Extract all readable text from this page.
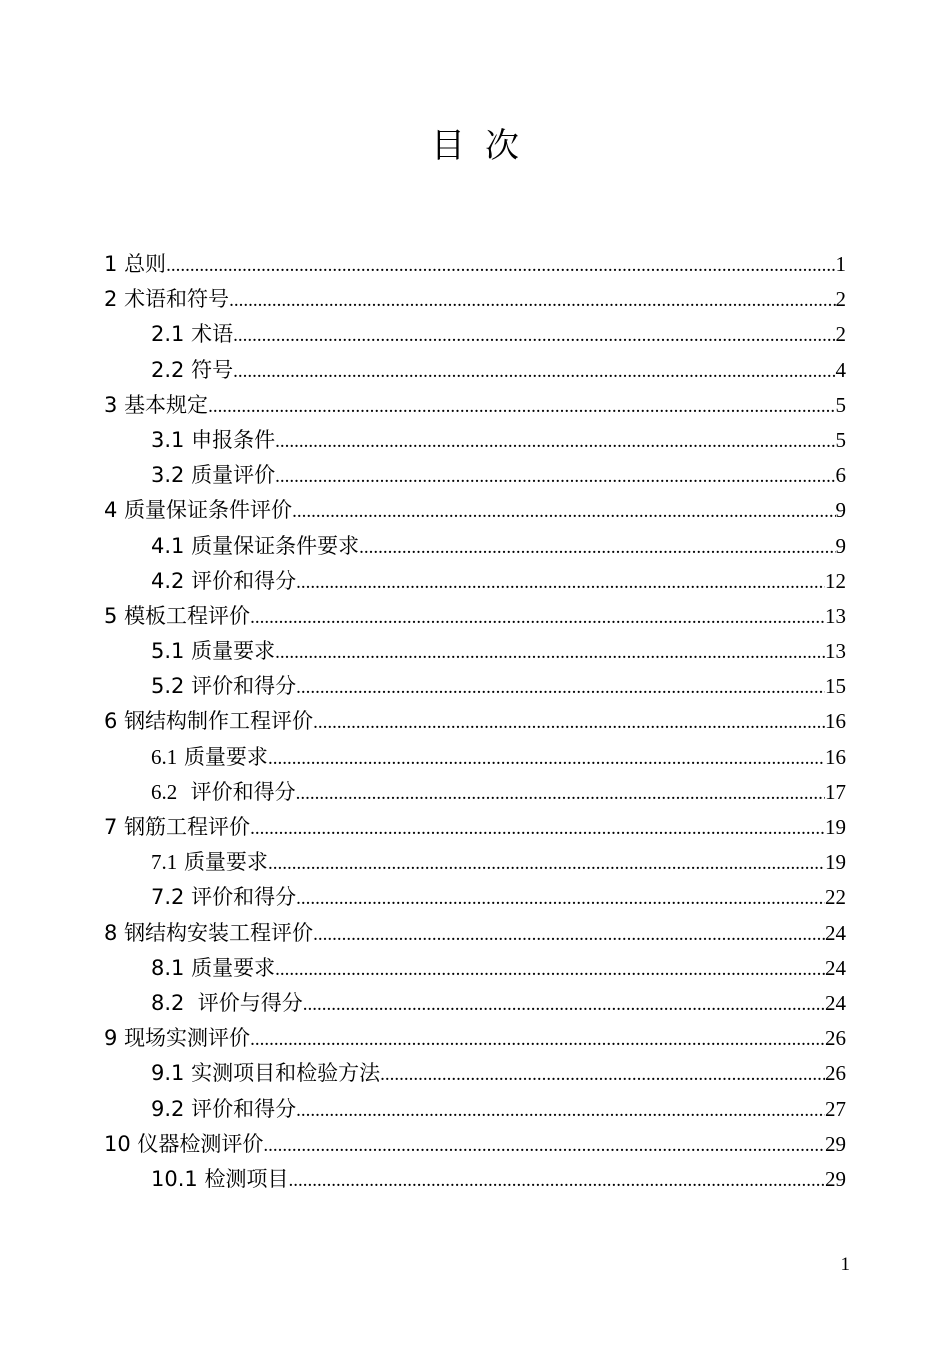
目次
1 总则 .....	1
2 术语和符号 .....	2
2.1 术语 .....	2
2.2 符号 .....	4
3 基本规定 .....	5
3.1 申报条件 .....	5
3.2 质量评价 .....	6
4 质量保证条件评价 .....	9
4.1 质量保证条件要求 .....	9
4.2 评价和得分 .....	12
5 模板工程评价 .....	13
5.1 质量要求 .....	13
5.2 评价和得分 .....	15
6 钢结构制作工程评价 .....	16
6.1 质量要求 .....	16
6.2  评价和得分 .....	17
7 钢筋工程评价 .....	19
7.1 质量要求 .....	19
7.2 评价和得分 .....	22
8 钢结构安装工程评价 .....	24
8.1 质量要求 .....	24
8.2  评价与得分 .....	24
9 现场实测评价 .....	26
9.1 实测项目和检验方法 .....	26
9.2 评价和得分 .....	27
10 仪器检测评价 .....	29
10.1 检测项目 .....	29
1
